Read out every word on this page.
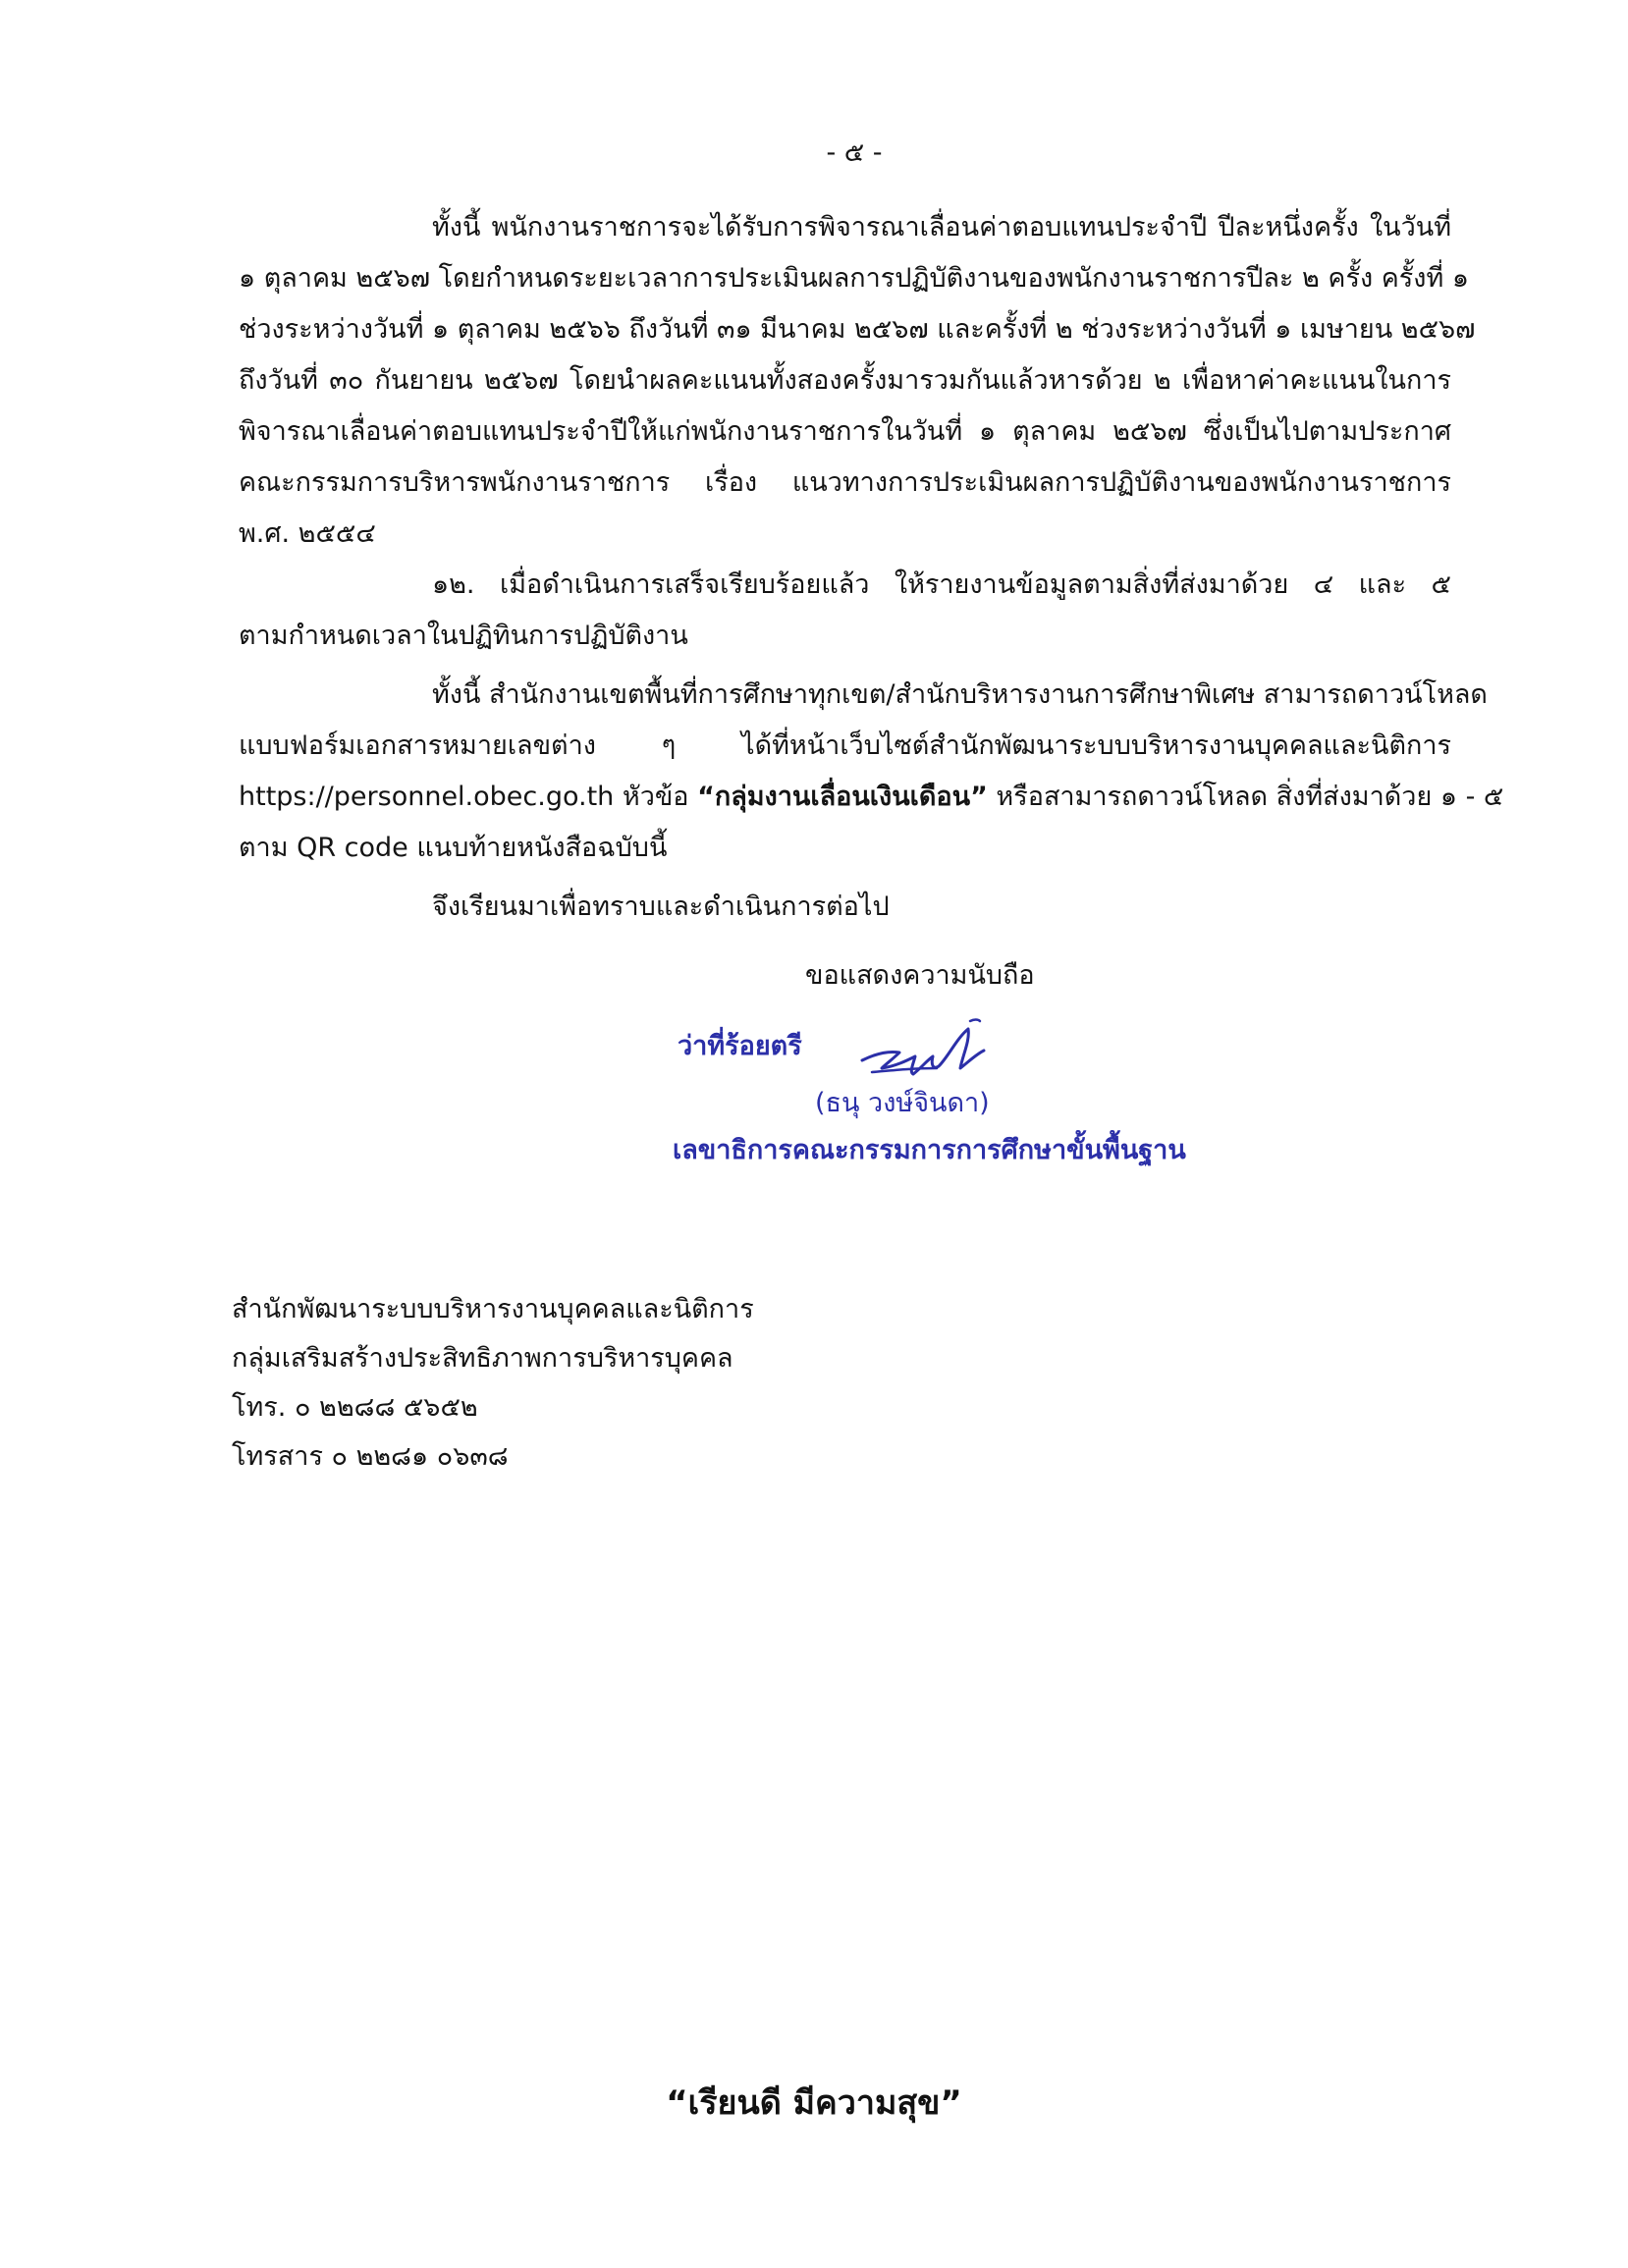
- ๕ -
ทั้งนี้ พนักงานราชการจะได้รับการพิจารณาเลื่อนค่าตอบแทนประจำปี ปีละหนึ่งครั้ง ในวันที่
๑ ตุลาคม ๒๕๖๗ โดยกำหนดระยะเวลาการประเมินผลการปฏิบัติงานของพนักงานราชการปีละ ๒ ครั้ง ครั้งที่ ๑
ช่วงระหว่างวันที่ ๑ ตุลาคม ๒๕๖๖ ถึงวันที่ ๓๑ มีนาคม ๒๕๖๗ และครั้งที่ ๒ ช่วงระหว่างวันที่ ๑ เมษายน ๒๕๖๗
ถึงวันที่ ๓๐ กันยายน ๒๕๖๗ โดยนำผลคะแนนทั้งสองครั้งมารวมกันแล้วหารด้วย ๒ เพื่อหาค่าคะแนนในการ
พิจารณาเลื่อนค่าตอบแทนประจำปีให้แก่พนักงานราชการในวันที่ ๑ ตุลาคม ๒๕๖๗ ซึ่งเป็นไปตามประกาศ
คณะกรรมการบริหารพนักงานราชการ เรื่อง แนวทางการประเมินผลการปฏิบัติงานของพนักงานราชการ
พ.ศ. ๒๕๕๔
๑๒. เมื่อดำเนินการเสร็จเรียบร้อยแล้ว ให้รายงานข้อมูลตามสิ่งที่ส่งมาด้วย ๔ และ ๕
ตามกำหนดเวลาในปฏิทินการปฏิบัติงาน
ทั้งนี้ สำนักงานเขตพื้นที่การศึกษาทุกเขต/สำนักบริหารงานการศึกษาพิเศษ สามารถดาวน์โหลด
แบบฟอร์มเอกสารหมายเลขต่าง ๆ ได้ที่หน้าเว็บไซต์สำนักพัฒนาระบบบริหารงานบุคคลและนิติการ
https://personnel.obec.go.th หัวข้อ “กลุ่มงานเลื่อนเงินเดือน” หรือสามารถดาวน์โหลด สิ่งที่ส่งมาด้วย ๑ - ๕
ตาม QR code แนบท้ายหนังสือฉบับนี้
จึงเรียนมาเพื่อทราบและดำเนินการต่อไป
ขอแสดงความนับถือ
ว่าที่ร้อยตรี
(ธนุ วงษ์จินดา)
เลขาธิการคณะกรรมการการศึกษาขั้นพื้นฐาน
สำนักพัฒนาระบบบริหารงานบุคคลและนิติการ
กลุ่มเสริมสร้างประสิทธิภาพการบริหารบุคคล
โทร. ๐ ๒๒๘๘ ๕๖๕๒
โทรสาร ๐ ๒๒๘๑ ๐๖๓๘
“เรียนดี มีความสุข”
